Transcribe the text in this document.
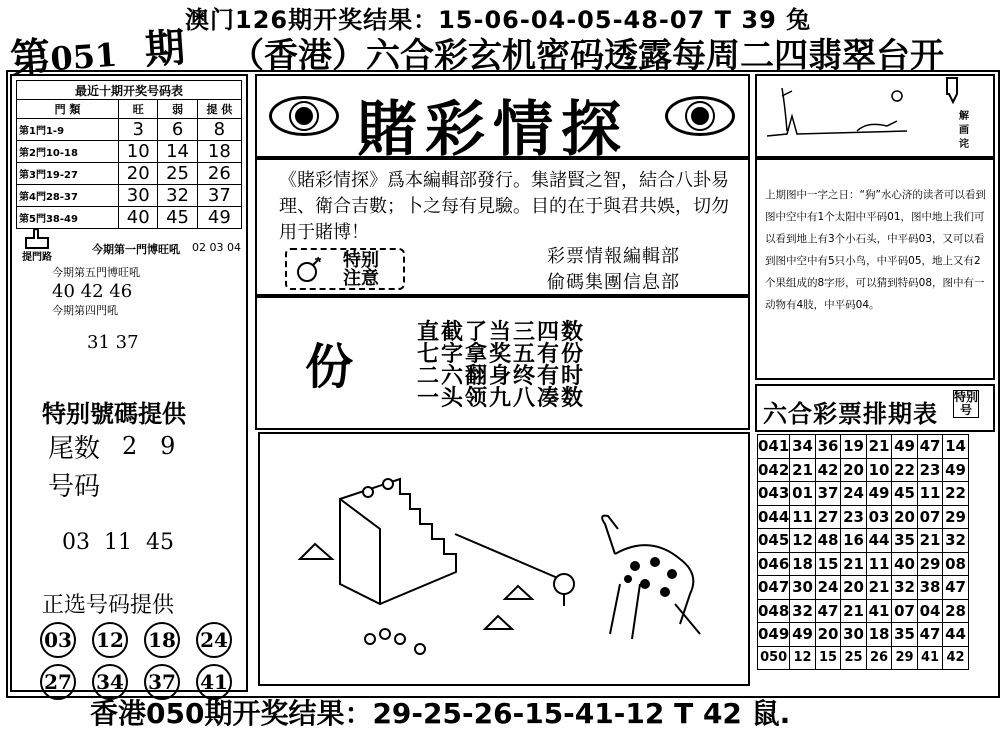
澳门126期开奖结果：15-06-04-05-48-07 T 39 兔
第051 期 （香港）六合彩玄机密码透露每周二四翡翠台开
最近十期开奖号码表			
門 類	旺	弱	提 供
第1門1-9	3	6	8
第2門10-18	10	14	18
第3門19-27	20	25	26
第4門28-37	30	32	37
第5門38-49	40	45	49
提門路
今期第一門博旺吼 02 03 04
今期第五門博旺吼
40 42 46
今期第四門吼
31 37
特别號碼提供
尾数 2   9
号码
03  11  45
正选号码提供
03 12 18 24
27 34 37 41
賭彩情探
《賭彩情探》爲本編輯部發行。集諸賢之智，結合八卦易理、衛合吉數；卜之每有見驗。目的在于與君共娛，切勿用于賭博！
特别
注意
彩票情報編輯部
偷碼集團信息部
份
直截了当三四数
七字拿奖五有份
二六翻身终有时
一头领九八凑数
解
画
诧
上期图中一字之日：“狗”水心济的读者可以看到图中空中有1个太阳中平码01，图中地上我们可以看到地上有3个小石头，中平码03，又可以看到图中空中有5只小鸟，中平码05，地上又有2个果组成的8字形，可以猜到特码08，图中有一动物有4肢，中平码04。
六合彩票排期表
特别号
041	34	36	19	21	49	47	14
042	21	42	20	10	22	23	49
043	01	37	24	49	45	11	22
044	11	27	23	03	20	07	29
045	12	48	16	44	35	21	32
046	18	15	21	11	40	29	08
047	30	24	20	21	32	38	47
048	32	47	21	41	07	04	28
049	49	20	30	18	35	47	44
050	12	15	25	26	29	41	42
香港050期开奖结果：29-25-26-15-41-12 T 42 鼠.
